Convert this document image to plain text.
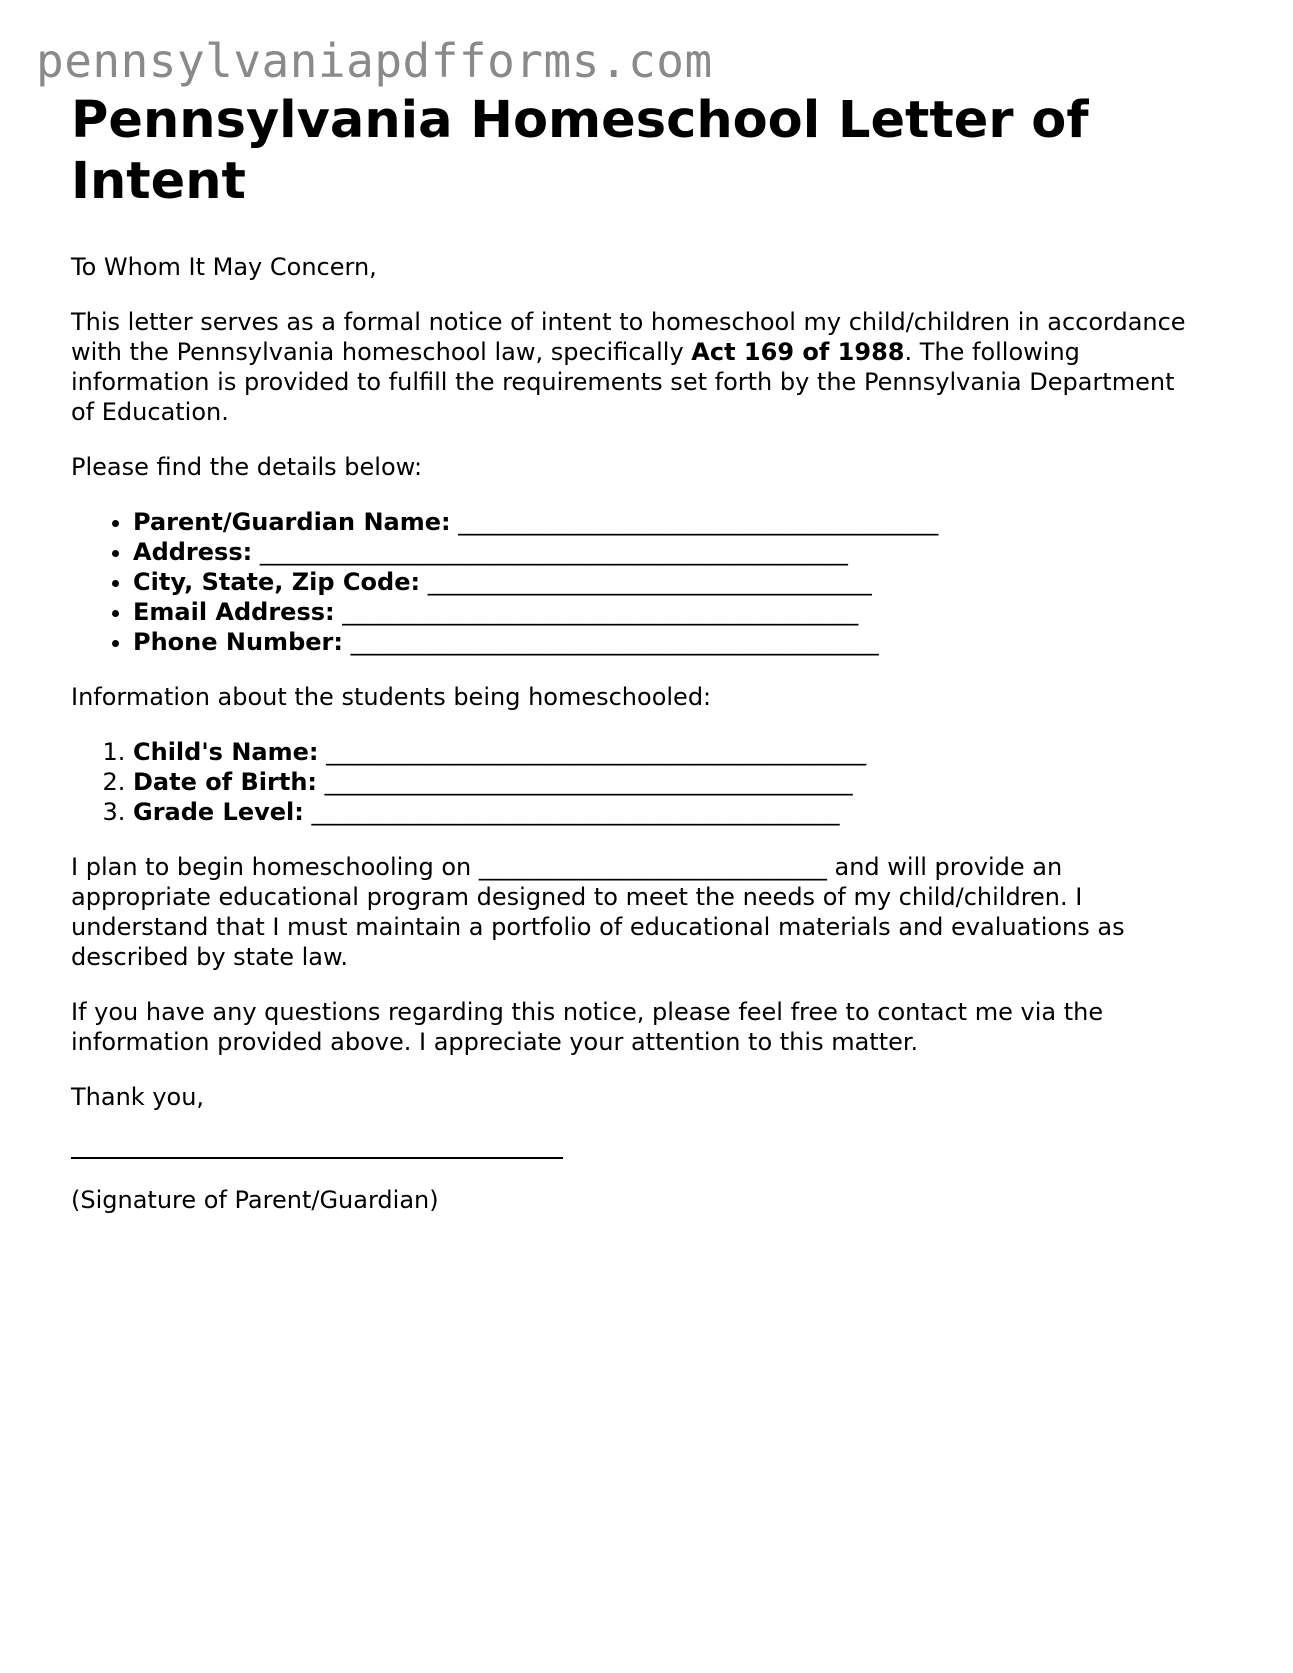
pennsylvaniapdfforms.com
Pennsylvania Homeschool Letter of Intent

To Whom It May Concern,

This letter serves as a formal notice of intent to homeschool my child/children in accordance with the Pennsylvania homeschool law, specifically Act 169 of 1988. The following information is provided to fulfill the requirements set forth by the Pennsylvania Department of Education.

Please find the details below:

• Parent/Guardian Name: ________________________________________
• Address: _________________________________________________
• City, State, Zip Code: _____________________________________
• Email Address: ___________________________________________
• Phone Number: ____________________________________________

Information about the students being homeschooled:

1. Child's Name: _____________________________________________
2. Date of Birth: ____________________________________________
3. Grade Level: ____________________________________________

I plan to begin homeschooling on _____________________________ and will provide an appropriate educational program designed to meet the needs of my child/children. I understand that I must maintain a portfolio of educational materials and evaluations as described by state law.

If you have any questions regarding this notice, please feel free to contact me via the information provided above. I appreciate your attention to this matter.

Thank you,

(Signature of Parent/Guardian)
